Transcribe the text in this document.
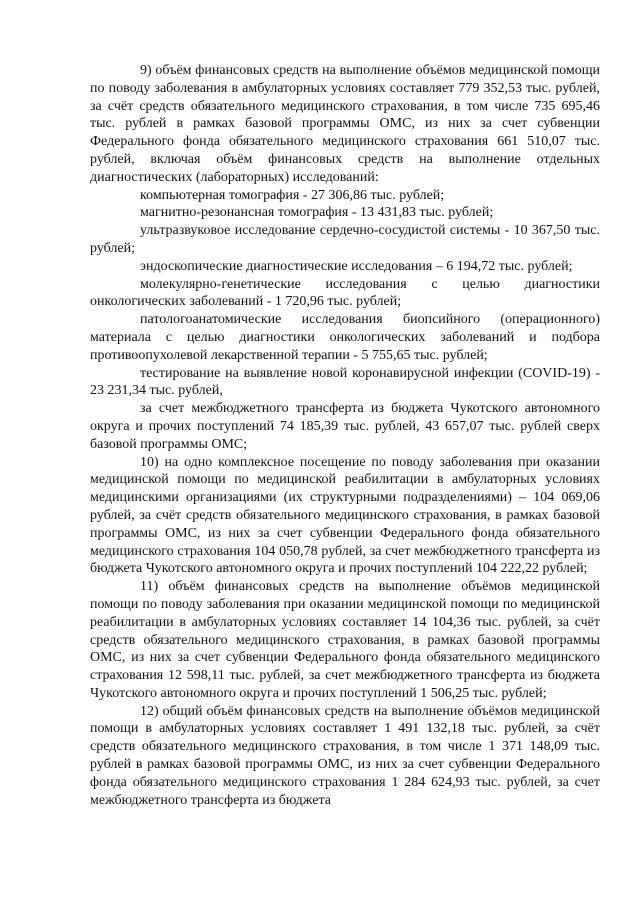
9) объём финансовых средств на выполнение объёмов медицинской помощи по поводу заболевания в амбулаторных условиях составляет 779 352,53 тыс. рублей, за счёт средств обязательного медицинского страхования, в том числе 735 695,46 тыс. рублей в рамках базовой программы ОМС, из них за счет субвенции Федерального фонда обязательного медицинского страхования 661 510,07 тыс. рублей, включая объём финансовых средств на выполнение отдельных диагностических (лабораторных) исследований:

компьютерная томография - 27 306,86 тыс. рублей;

магнитно-резонансная томография - 13 431,83 тыс. рублей;

ультразвуковое исследование сердечно-сосудистой системы - 10 367,50 тыс. рублей;

эндоскопические диагностические исследования – 6 194,72 тыс. рублей;

молекулярно-генетические исследования с целью диагностики онкологических заболеваний - 1 720,96 тыс. рублей;

патологоанатомические исследования биопсийного (операционного) материала с целью диагностики онкологических заболеваний и подбора противоопухолевой лекарственной терапии - 5 755,65 тыс. рублей;

тестирование на выявление новой коронавирусной инфекции (COVID-19) - 23 231,34 тыс. рублей,

за счет межбюджетного трансферта из бюджета Чукотского автономного округа и прочих поступлений 74 185,39 тыс. рублей, 43 657,07 тыс. рублей сверх базовой программы ОМС;

10) на одно комплексное посещение по поводу заболевания при оказании медицинской помощи по медицинской реабилитации в амбулаторных условиях медицинскими организациями (их структурными подразделениями) – 104 069,06 рублей, за счёт средств обязательного медицинского страхования, в рамках базовой программы ОМС, из них за счет субвенции Федерального фонда обязательного медицинского страхования 104 050,78 рублей, за счет межбюджетного трансферта из бюджета Чукотского автономного округа и прочих поступлений 104 222,22 рублей;

11) объём финансовых средств на выполнение объёмов медицинской помощи по поводу заболевания при оказании медицинской помощи по медицинской реабилитации в амбулаторных условиях составляет 14 104,36 тыс. рублей, за счёт средств обязательного медицинского страхования, в рамках базовой программы ОМС, из них за счет субвенции Федерального фонда обязательного медицинского страхования 12 598,11 тыс. рублей, за счет межбюджетного трансферта из бюджета Чукотского автономного округа и прочих поступлений 1 506,25 тыс. рублей;

12) общий объём финансовых средств на выполнение объёмов медицинской помощи в амбулаторных условиях составляет 1 491 132,18 тыс. рублей, за счёт средств обязательного медицинского страхования, в том числе 1 371 148,09 тыс. рублей в рамках базовой программы ОМС, из них за счет субвенции Федерального фонда обязательного медицинского страхования 1 284 624,93 тыс. рублей, за счет межбюджетного трансферта из бюджета
